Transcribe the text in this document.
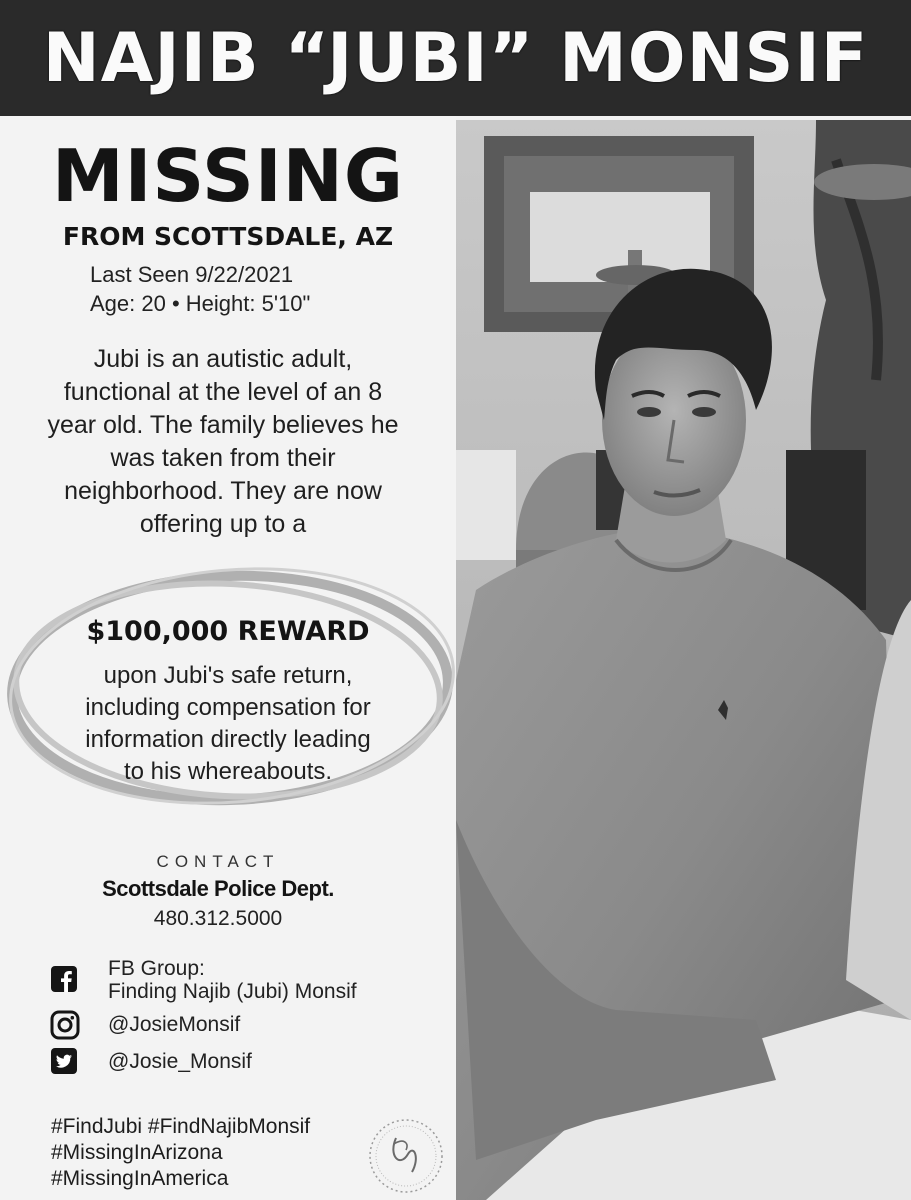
NAJIB “JUBI” MONSIF
MISSING
FROM SCOTTSDALE, AZ
Last Seen 9/22/2021
Age: 20 • Height: 5'10"
Jubi is an autistic adult,
functional at the level of an 8
year old. The family believes he
was taken from their
neighborhood. They are now
offering up to a
$100,000 REWARD
upon Jubi's safe return,
including compensation for
information directly leading
to his whereabouts.
CONTACT
Scottsdale Police Dept.
480.312.5000
FB Group:
Finding Najib (Jubi) Monsif
@JosieMonsif
@Josie_Monsif
#FindJubi #FindNajibMonsif
#MissingInArizona
#MissingInAmerica
